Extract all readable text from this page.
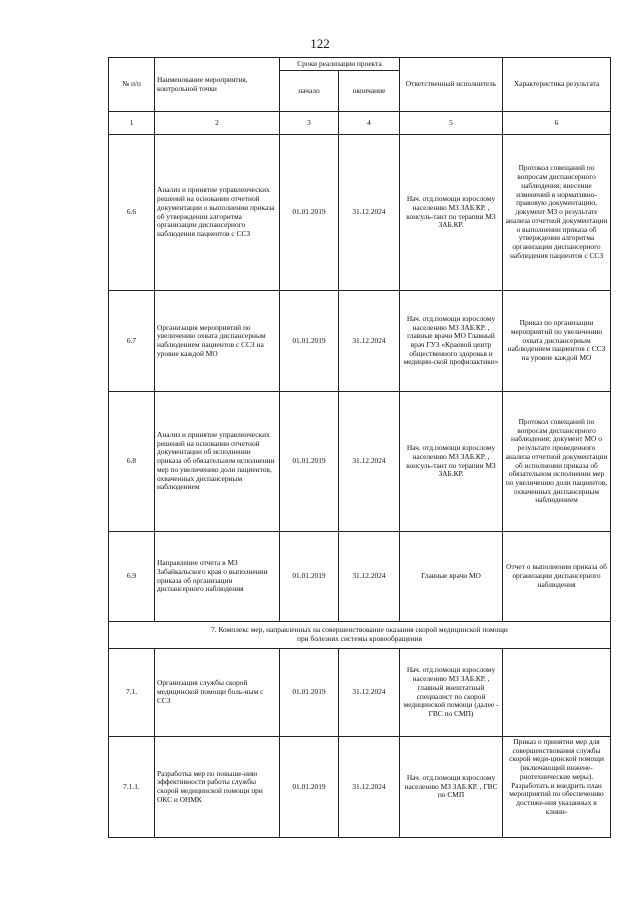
122
№ п/п	Наименование мероприятия, контрольной точки	Сроки реализации проекта		Ответственный исполнитель	Характеристика результата
		начало	окончание		
1	2	3	4	5	6
6.6	Анализ и принятие управленческих решений на основании отчетной документации о выполнении приказа об утверждении алгоритма организации диспансерного наблюдения пациентов с ССЗ	01.01.2019	31.12.2024	Нач. отд.помощи взрослому населению МЗ ЗАБ.КР. , консуль-тант по терапии МЗ ЗАБ.КР.	Протокол совещаний по вопросам диспансерного наблюдения; внесение изменений в нормативно-правовую документацию, документ МЗ о результате анализа отчетной документации о выполнении приказа об утверждении алгоритма организации диспансерного наблюдения пациентов с ССЗ
6.7	Организация мероприятий по увеличению охвата диспансерным наблюдением пациентов с ССЗ на уровне каждой МО	01.01.2019	31.12.2024	Нач. отд.помощи взрослому населению МЗ ЗАБ.КР. , главные врачи МО Главный врач ГУЗ «Краевой центр общественного здоровья и медицин-ской профилактики»	Приказ по организации мероприятий по увеличению охвата диспансерным наблюдением пациентов с ССЗ на уровне каждой МО
6.8	Анализ и принятие управленческих решений на основании отчетной документации об исполнении приказа об обязательном исполнении мер по увеличению доли пациентов, охваченных диспансерным наблюдением	01.01.2019	31.12.2024	Нач. отд.помощи взрослому населению МЗ ЗАБ.КР. , консуль-тант по терапии МЗ ЗАБ.КР.	Протокол совещаний по вопросам диспансерного наблюдения; документ МО о результате проведенного анализа отчетной документации об исполнении приказа об обязательном исполнении мер по увеличению доли пациентов, охваченных диспансерным наблюдением
6.9	Направление отчета в МЗ Забайкальского края о выполнении приказа об организации диспансерного наблюдения	01.01.2019	31.12.2024	Главные врачи МО	Отчет о выполнении приказа об организации диспансерного наблюдения
7. Комплекс мер, направленных на совершенствование оказания скорой медицинской помощи
при болезнях системы кровообращения					
7.1.	Организация службы скорой медицинской помощи боль-ным с ССЗ	01.01.2019	31.12.2024	Нач. отд.помощи взрослому населению МЗ ЗАБ.КР. , главный внештатный специалист по скорой медицинской помощи (далее - ГВС по СМП)	
7.1.1.	Разработка мер по повыше-нию эффективности работы службы скорой медицинской помощи при ОКС и ОНМК	01.01.2019	31.12.2024	Нач. отд.помощи взрослому населению МЗ ЗАБ.КР. , ГВС по СМП	Приказ о принятии мер для совершенствования службы скорой меди-цинской помощи (включающий инжене-рнотехнические меры). Разработать и внедрить план мероприятий по обеспечению достиже-ния указанных в клини-
